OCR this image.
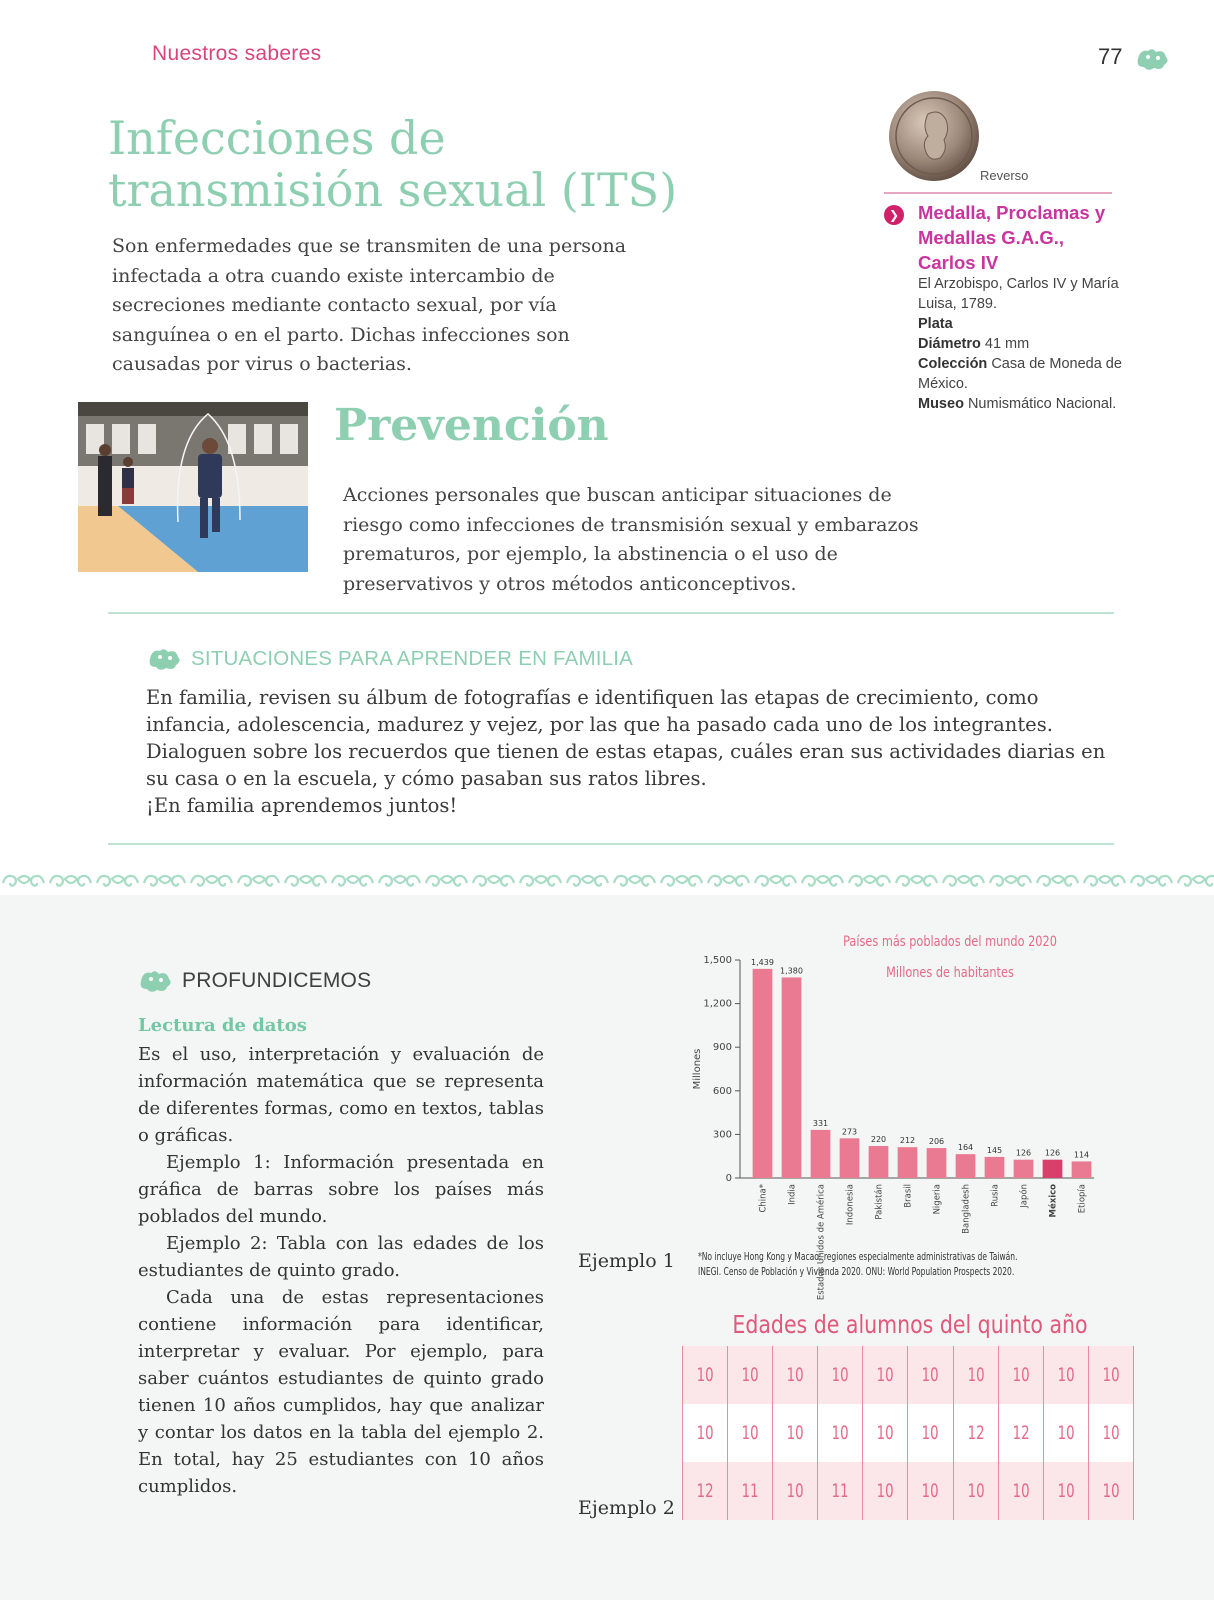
Nuestros saberes	77
Infecciones de transmisión sexual (ITS)

Son enfermedades que se transmiten de una persona infectada a otra cuando existe intercambio de secreciones mediante contacto sexual, por vía sanguínea o en el parto. Dichas infecciones son causadas por virus o bacterias.

Reverso
❯ Medalla, Proclamas y Medallas G.A.G., Carlos IV
El Arzobispo, Carlos IV y María Luisa, 1789.
Plata
Diámetro 41 mm
Colección Casa de Moneda de México.
Museo Numismático Nacional.
Prevención

Acciones personales que buscan anticipar situaciones de riesgo como infecciones de transmisión sexual y embarazos prematuros, por ejemplo, la abstinencia o el uso de preservativos y otros métodos anticonceptivos.

SITUACIONES PARA APRENDER EN FAMILIA

En familia, revisen su álbum de fotografías e identifiquen las etapas de crecimiento, como infancia, adolescencia, madurez y vejez, por las que ha pasado cada uno de los integrantes. Dialoguen sobre los recuerdos que tienen de estas etapas, cuáles eran sus actividades diarias en su casa o en la escuela, y cómo pasaban sus ratos libres.

¡En familia aprendemos juntos!

PROFUNDICEMOS
Lectura de datos

Es el uso, interpretación y evaluación de información matemática que se representa de diferentes formas, como en textos, tablas o gráficas.

Ejemplo 1: Información presentada en gráfica de barras sobre los países más poblados del mundo.

Ejemplo 2: Tabla con las edades de los estudiantes de quinto grado.

Cada una de estas representaciones contiene información para identificar, interpretar y evaluar. Por ejemplo, para saber cuántos estudiantes de quinto grado tienen 10 años cumplidos, hay que analizar y contar los datos en la tabla del ejemplo 2. En total, hay 25 estudiantes con 10 años cumplidos.

Ejemplo 1
Ejemplo 2
Países más poblados del mundo 2020
Millones de habitantes
0
300
600
900
1,200
1,500
Millones
1,439
China*
1,380
India
331
Estados Unidos de América
273
Indonesia
220
Pakistán
212
Brasil
206
Nigeria
164
Bangladesh
145
Rusia
126
Japón
126
México
114
Etiopía
*No incluye Hong Kong y Macao; regiones especialmente administrativas de Taiwán.
INEGI. Censo de Población y Vivienda 2020. ONU: World Population Prospects 2020.
Edades de alumnos del quinto año
10	10	10	10	10	10	10	10	10	10
10	10	10	10	10	10	12	12	10	10
12	11	10	11	10	10	10	10	10	10
